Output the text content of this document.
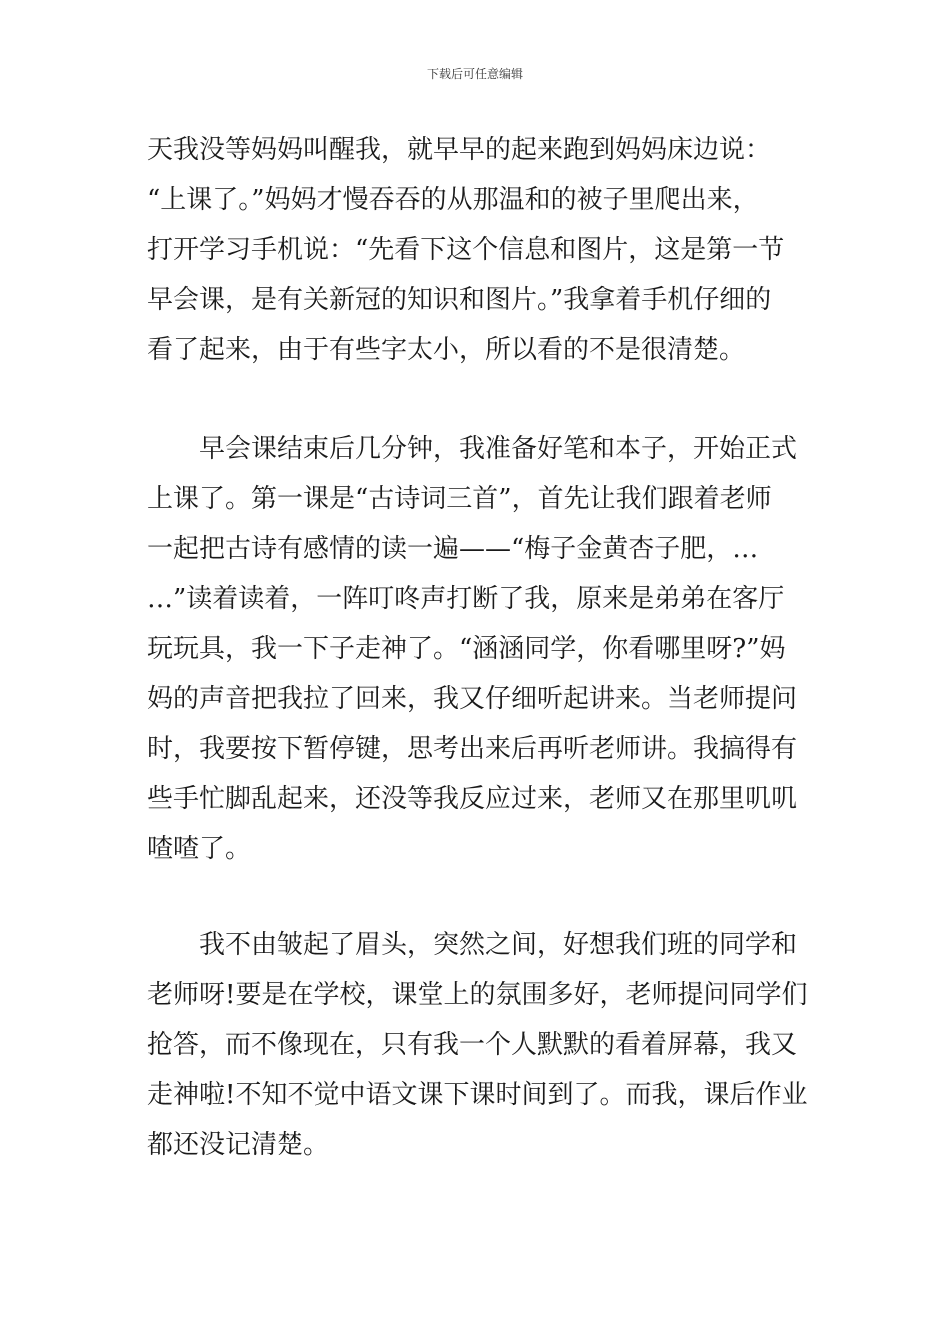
下载后可任意编辑
天我没等妈妈叫醒我，就早早的起来跑到妈妈床边说：
“上课了。”妈妈才慢吞吞的从那温和的被子里爬出来，
打开学习手机说：“先看下这个信息和图片，这是第一节
早会课，是有关新冠的知识和图片。”我拿着手机仔细的
看了起来，由于有些字太小，所以看的不是很清楚。
　　早会课结束后几分钟，我准备好笔和本子，开始正式
上课了。第一课是“古诗词三首”，首先让我们跟着老师
一起把古诗有感情的读一遍——“梅子金黄杏子肥，…
…”读着读着，一阵叮咚声打断了我，原来是弟弟在客厅
玩玩具，我一下子走神了。“涵涵同学，你看哪里呀?”妈
妈的声音把我拉了回来，我又仔细听起讲来。当老师提问
时，我要按下暂停键，思考出来后再听老师讲。我搞得有
些手忙脚乱起来，还没等我反应过来，老师又在那里叽叽
喳喳了。
　　我不由皱起了眉头，突然之间，好想我们班的同学和
老师呀!要是在学校，课堂上的氛围多好，老师提问同学们
抢答，而不像现在，只有我一个人默默的看着屏幕，我又
走神啦!不知不觉中语文课下课时间到了。而我，课后作业
都还没记清楚。
